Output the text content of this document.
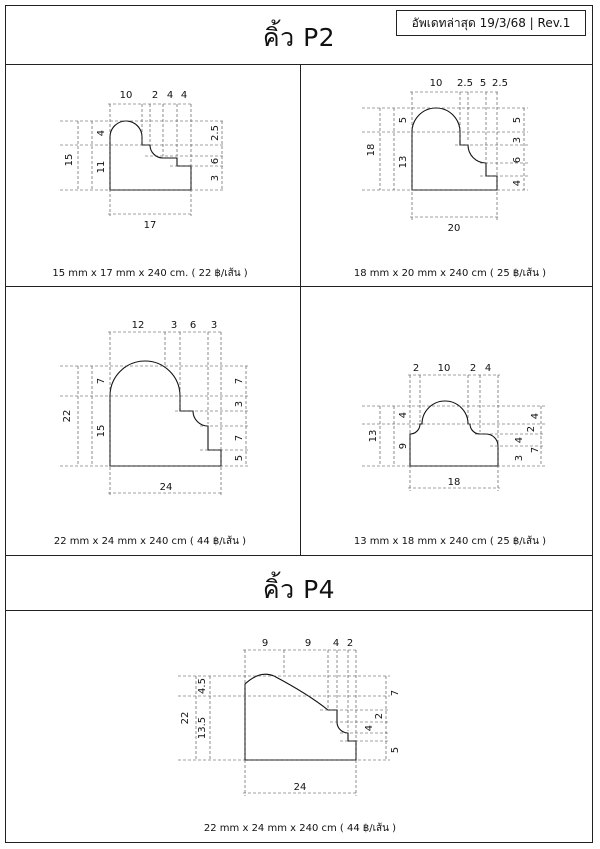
คิ้ว P2	อัพเดทล่าสุด 19/3/68 | Rev.1
คิ้ว P4
10 2 4 4
15
4
11
2.5
6
3
17
15 mm x 17 mm x 240 cm. ( 22 ฿/เส้น )
10 2.5 5 2.5
18
5
13
5
3
6
4
20
18 mm x 20 mm x 240 cm ( 25 ฿/เส้น )
12	3 6 3
22
7
15
7
3
7
5
24
22 mm x 24 mm x 240 cm ( 44 ฿/เส้น )
2 10 2 4
13
4
9
2
4
4
3
7
18
13 mm x 18 mm x 240 cm ( 25 ฿/เส้น )
9	9 4 2
22
4.5
13.5
7
2
4
5
24
22 mm x 24 mm x 240 cm ( 44 ฿/เส้น )
